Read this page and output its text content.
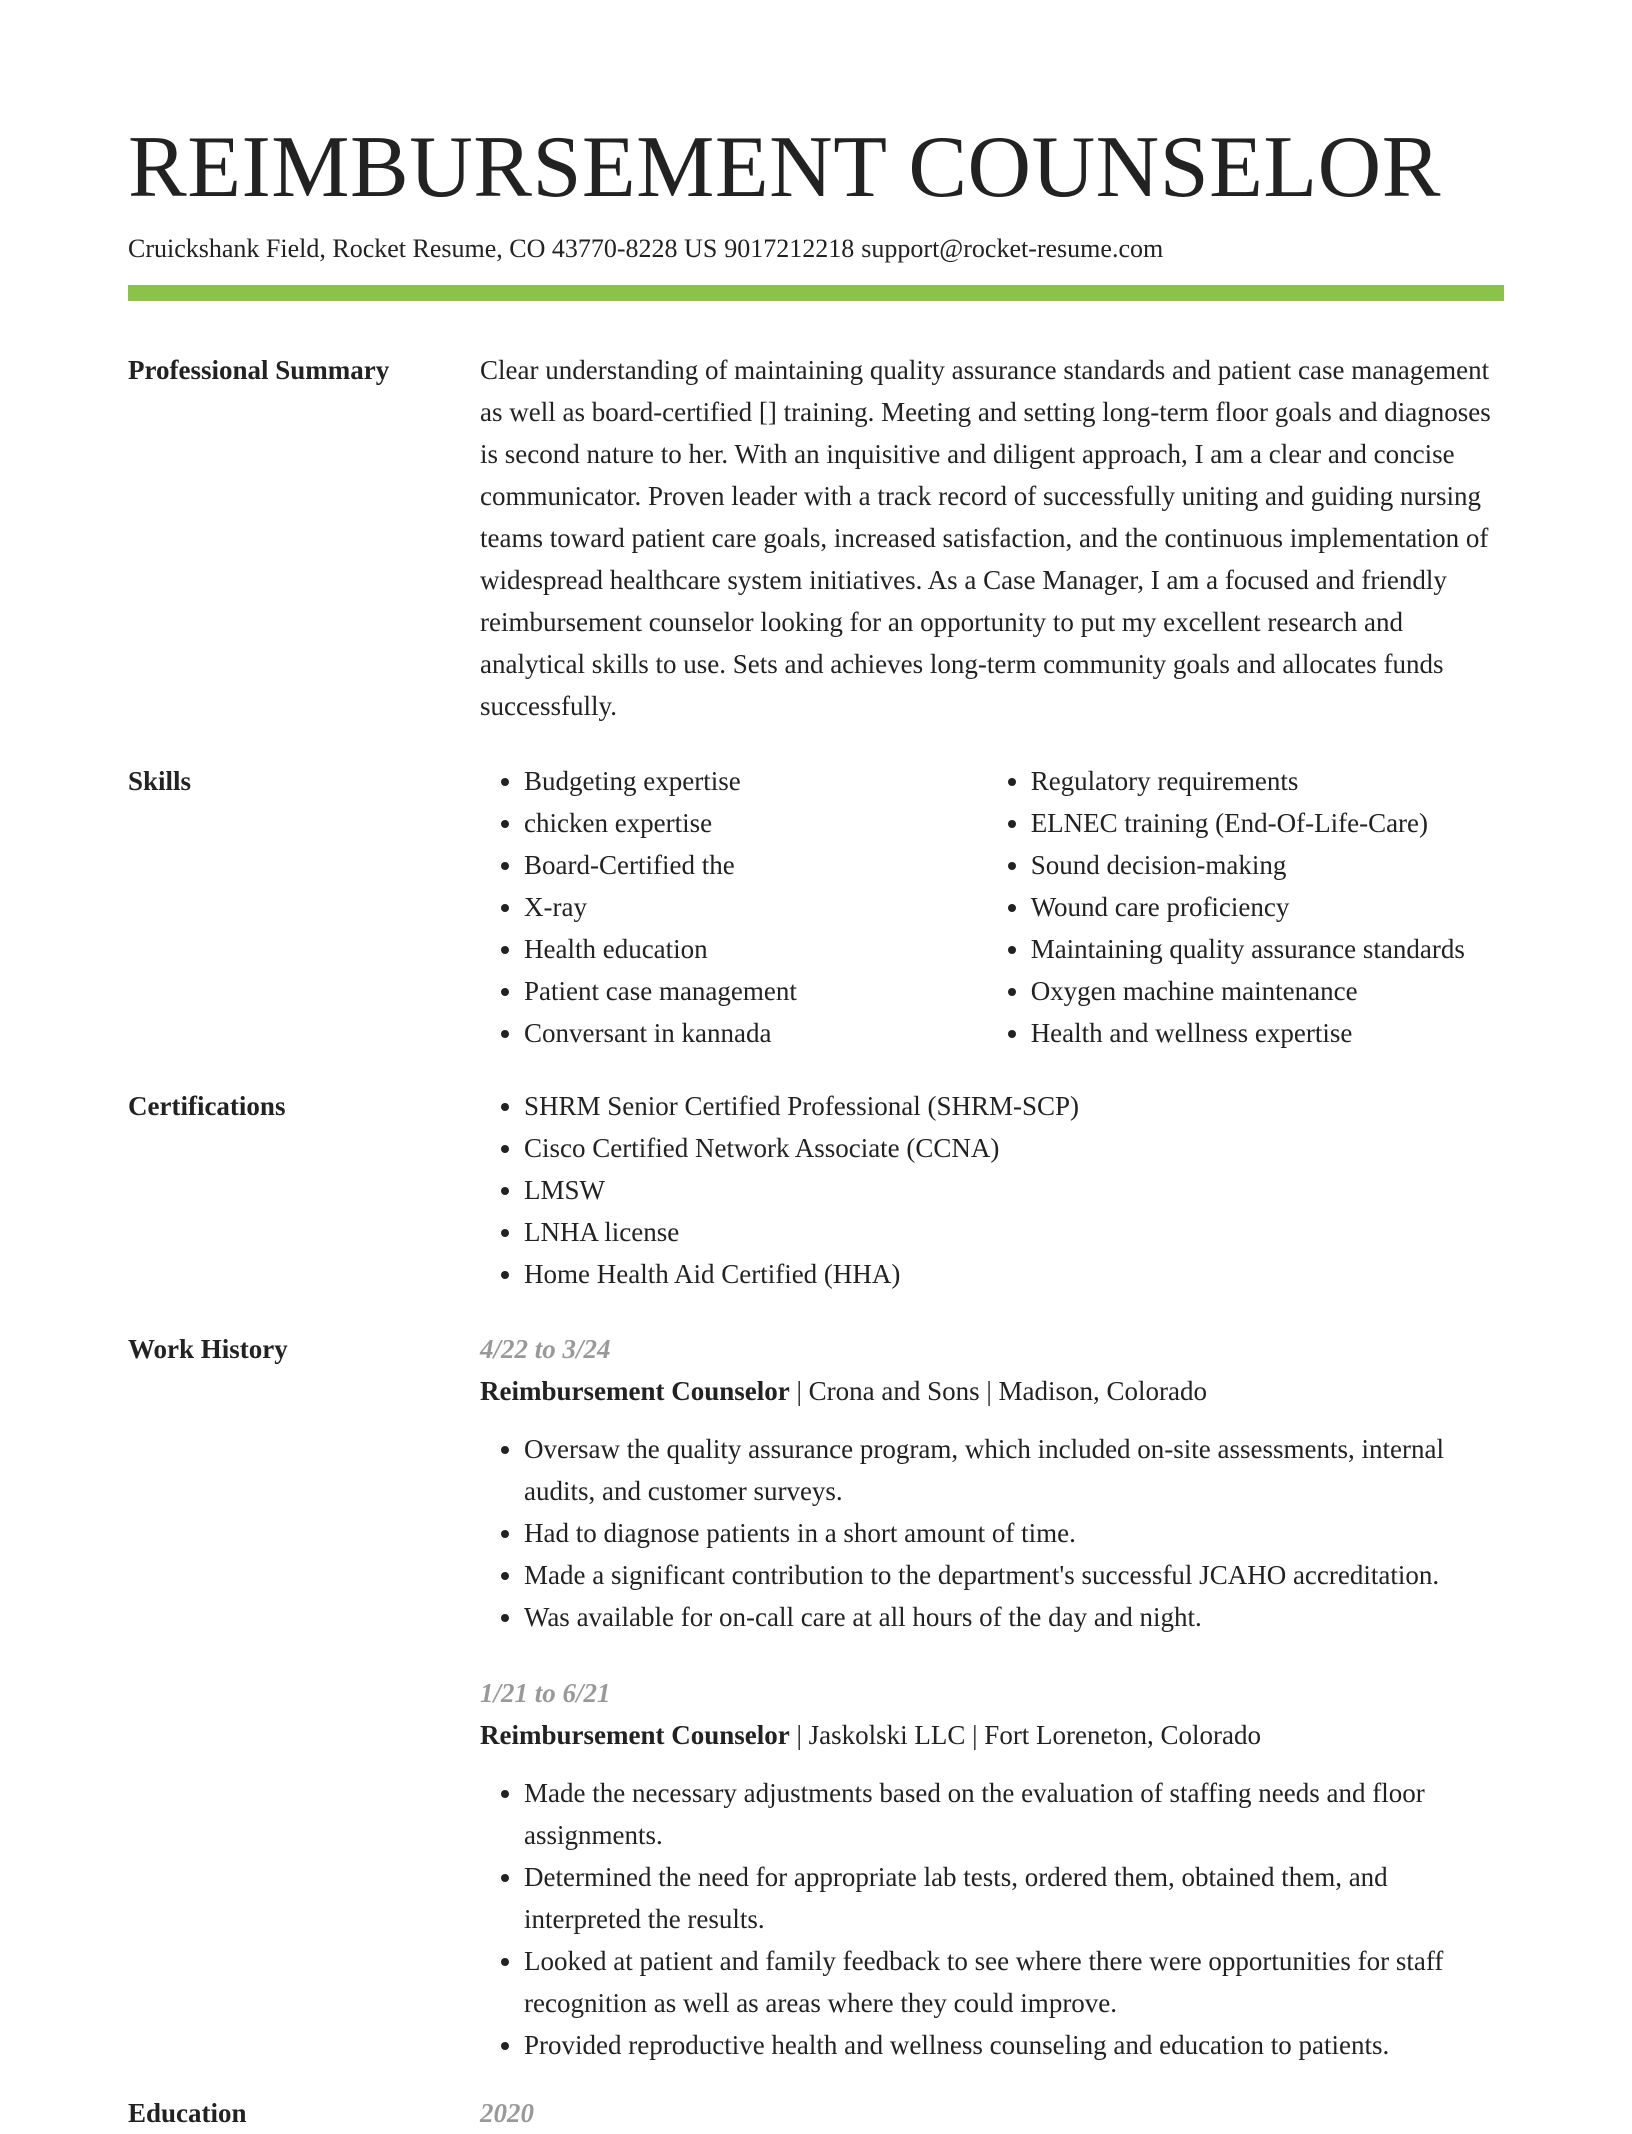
REIMBURSEMENT COUNSELOR
Cruickshank Field, Rocket Resume, CO 43770-8228 US 9017212218 support@rocket-resume.com
Professional Summary	Clear understanding of maintaining quality assurance standards and patient case management as well as board-certified [] training. Meeting and setting long-term floor goals and diagnoses is second nature to her. With an inquisitive and diligent approach, I am a clear and concise communicator. Proven leader with a track record of successfully uniting and guiding nursing teams toward patient care goals, increased satisfaction, and the continuous implementation of widespread healthcare system initiatives. As a Case Manager, I am a focused and friendly reimbursement counselor looking for an opportunity to put my excellent research and analytical skills to use. Sets and achieves long-term community goals and allocates funds successfully.

Skills	• Budgeting expertise
• chicken expertise
• Board-Certified the
• X-ray
• Health education
• Patient case management
• Conversant in kannada
• Regulatory requirements
• ELNEC training (End-Of-Life-Care)
• Sound decision-making
• Wound care proficiency
• Maintaining quality assurance standards
• Oxygen machine maintenance
• Health and wellness expertise
Certifications	• SHRM Senior Certified Professional (SHRM-SCP)
• Cisco Certified Network Associate (CCNA)
• LMSW
• LNHA license
• Home Health Aid Certified (HHA)
Work History	4/22 to 3/24
Reimbursement Counselor | Crona and Sons | Madison, Colorado
• Oversaw the quality assurance program, which included on-site assessments, internal audits, and customer surveys.
• Had to diagnose patients in a short amount of time.
• Made a significant contribution to the department's successful JCAHO accreditation.
• Was available for on-call care at all hours of the day and night.
1/21 to 6/21
Reimbursement Counselor | Jaskolski LLC | Fort Loreneton, Colorado
• Made the necessary adjustments based on the evaluation of staffing needs and floor assignments.
• Determined the need for appropriate lab tests, ordered them, obtained them, and interpreted the results.
• Looked at patient and family feedback to see where there were opportunities for staff recognition as well as areas where they could improve.
• Provided reproductive health and wellness counseling and education to patients.
Education	2020
